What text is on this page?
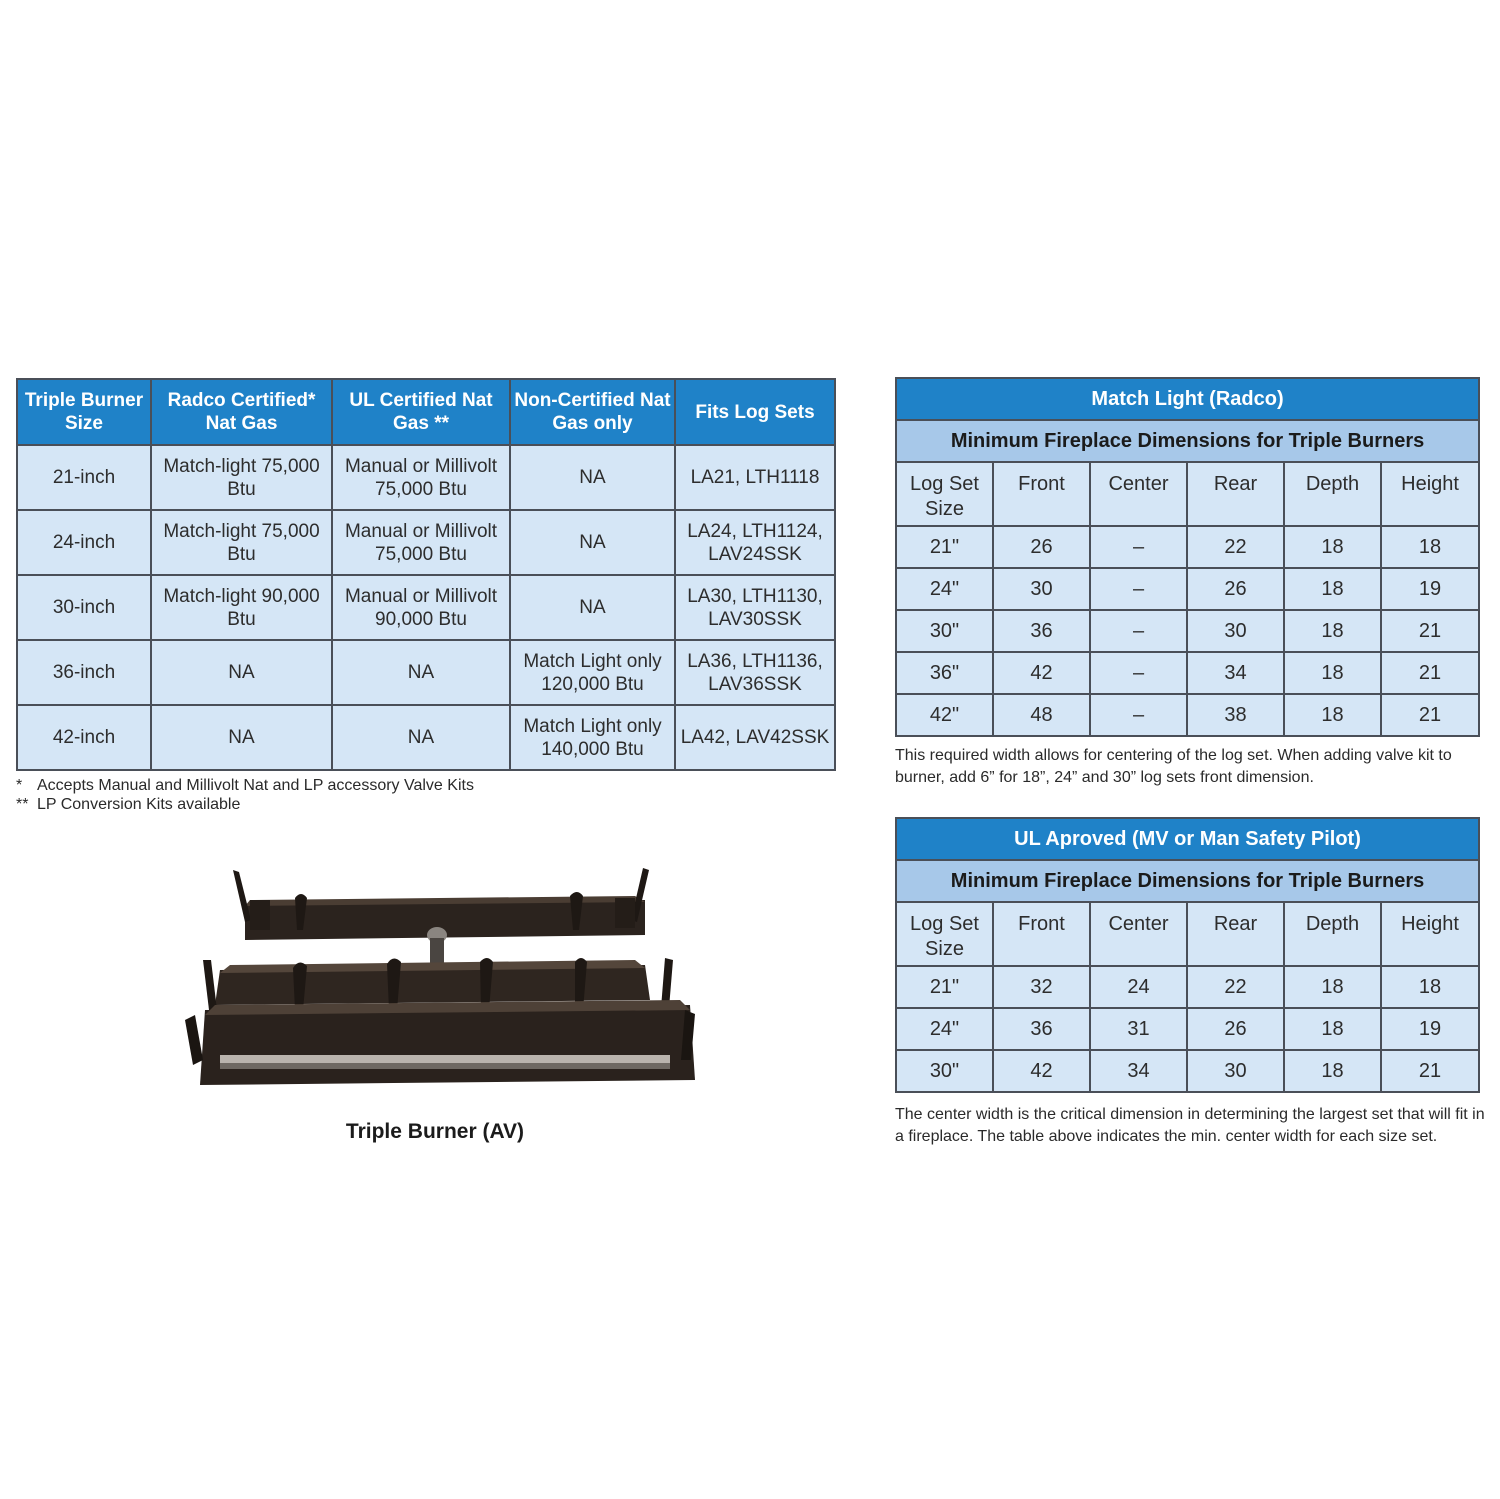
Triple Burner Size	Radco Certified* Nat Gas	UL Certified Nat Gas **	Non-Certified Nat Gas only	Fits Log Sets
21-inch	Match-light 75,000 Btu	Manual or Millivolt 75,000 Btu	NA	LA21, LTH1118
24-inch	Match-light 75,000 Btu	Manual or Millivolt 75,000 Btu	NA	LA24, LTH1124, LAV24SSK
30-inch	Match-light 90,000 Btu	Manual or Millivolt 90,000 Btu	NA	LA30, LTH1130, LAV30SSK
36-inch	NA	NA	Match Light only 120,000 Btu	LA36, LTH1136, LAV36SSK
42-inch	NA	NA	Match Light only 140,000 Btu	LA42, LAV42SSK
* Accepts Manual and Millivolt Nat and LP accessory Valve Kits
** LP Conversion Kits available
Triple Burner (AV)
Match Light (Radco)					
Minimum Fireplace Dimensions for Triple Burners					
Log Set Size	Front	Center	Rear	Depth	Height
21"	26	–	22	18	18
24"	30	–	26	18	19
30"	36	–	30	18	21
36"	42	–	34	18	21
42"	48	–	38	18	21
This required width allows for centering of the log set. When adding valve kit to burner, add 6” for 18”, 24” and 30” log sets front dimension.
UL Aproved (MV or Man Safety Pilot)					
Minimum Fireplace Dimensions for Triple Burners					
Log Set Size	Front	Center	Rear	Depth	Height
21"	32	24	22	18	18
24"	36	31	26	18	19
30"	42	34	30	18	21
The center width is the critical dimension in determining the largest set that will fit in a fireplace. The table above indicates the min. center width for each size set.
